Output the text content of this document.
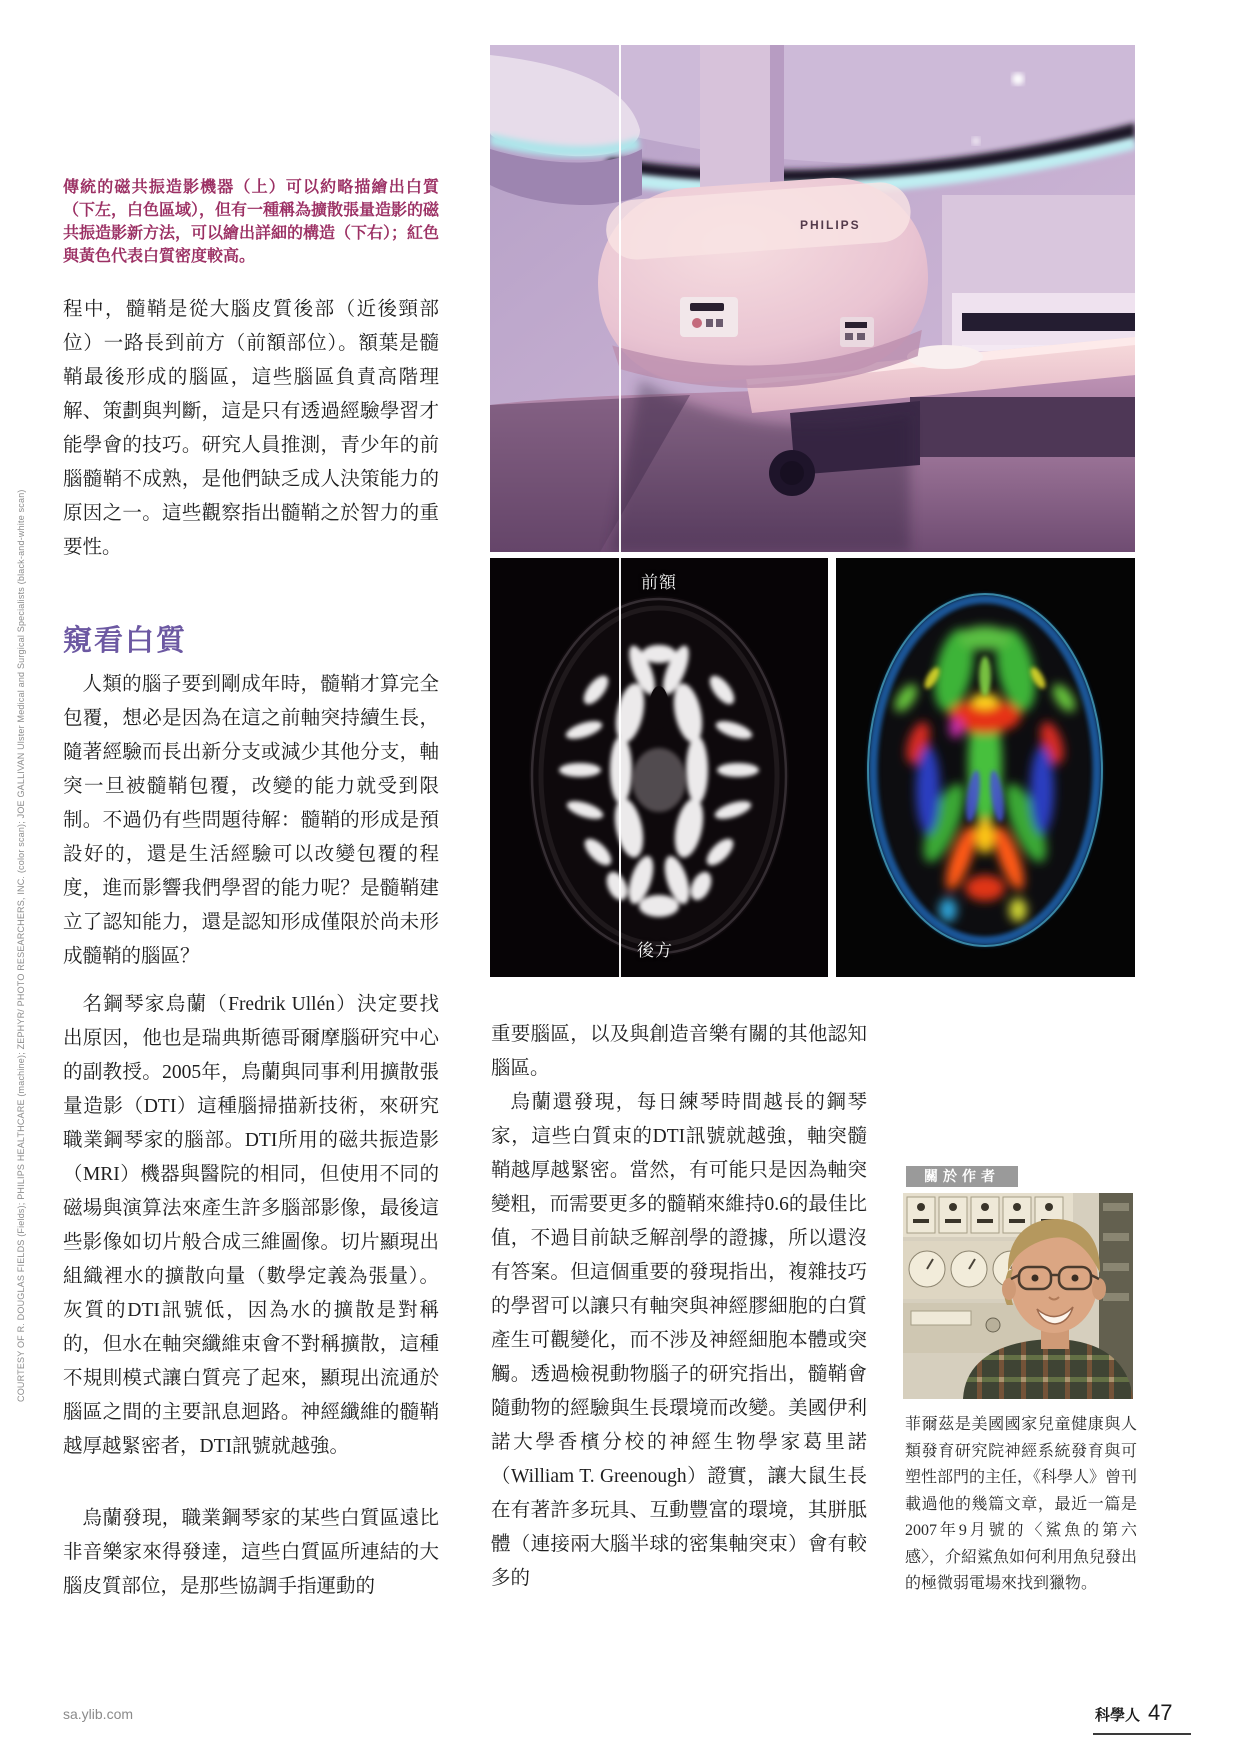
COURTESY OF R. DOUGLAS FIELDS (Fields); PHILIPS HEALTHCARE (machine); ZEPHYR/ PHOTO RESEARCHERS, INC. (color scan); JOE GALLIVAN Ulster Medical and Surgical Specialists (black-and-white scan)
傳統的磁共振造影機器（上）可以約略描繪出白質（下左，白色區域），但有一種稱為擴散張量造影的磁共振造影新方法，可以繪出詳細的構造（下右）；紅色與黃色代表白質密度較高。
程中，髓鞘是從大腦皮質後部（近後頸部位）一路長到前方（前額部位）。額葉是髓鞘最後形成的腦區，這些腦區負責高階理解、策劃與判斷，這是只有透過經驗學習才能學會的技巧。研究人員推測，青少年的前腦髓鞘不成熟，是他們缺乏成人決策能力的原因之一。這些觀察指出髓鞘之於智力的重要性。
窺看白質
人類的腦子要到剛成年時，髓鞘才算完全包覆，想必是因為在這之前軸突持續生長，隨著經驗而長出新分支或減少其他分支，軸突一旦被髓鞘包覆，改變的能力就受到限制。不過仍有些問題待解：髓鞘的形成是預設好的，還是生活經驗可以改變包覆的程度，進而影響我們學習的能力呢？是髓鞘建立了認知能力，還是認知形成僅限於尚未形成髓鞘的腦區？
名鋼琴家烏蘭（Fredrik Ullén）決定要找出原因，他也是瑞典斯德哥爾摩腦研究中心的副教授。2005年，烏蘭與同事利用擴散張量造影（DTI）這種腦掃描新技術，來研究職業鋼琴家的腦部。DTI所用的磁共振造影（MRI）機器與醫院的相同，但使用不同的磁場與演算法來產生許多腦部影像，最後這些影像如切片般合成三維圖像。切片顯現出組織裡水的擴散向量（數學定義為張量）。灰質的DTI訊號低，因為水的擴散是對稱的，但水在軸突纖維束會不對稱擴散，這種不規則模式讓白質亮了起來，顯現出流通於腦區之間的主要訊息迴路。神經纖維的髓鞘越厚越緊密者，DTI訊號就越強。
烏蘭發現，職業鋼琴家的某些白質區遠比非音樂家來得發達，這些白質區所連結的大腦皮質部位，是那些協調手指運動的
重要腦區，以及與創造音樂有關的其他認知腦區。
烏蘭還發現，每日練琴時間越長的鋼琴家，這些白質束的DTI訊號就越強，軸突髓鞘越厚越緊密。當然，有可能只是因為軸突變粗，而需要更多的髓鞘來維持0.6的最佳比值，不過目前缺乏解剖學的證據，所以還沒有答案。但這個重要的發現指出，複雜技巧的學習可以讓只有軸突與神經膠細胞的白質產生可觀變化，而不涉及神經細胞本體或突觸。透過檢視動物腦子的研究指出，髓鞘會隨動物的經驗與生長環境而改變。美國伊利諾大學香檳分校的神經生物學家葛里諾（William T. Greenough）證實，讓大鼠生長在有著許多玩具、互動豐富的環境，其胼胝體（連接兩大腦半球的密集軸突束）會有較多的
PHILIPS
前額
後方
關於作者
菲爾茲是美國國家兒童健康與人類發育研究院神經系統發育與可塑性部門的主任，《科學人》曾刊載過他的幾篇文章，最近一篇是2007年9月號的〈鯊魚的第六感〉，介紹鯊魚如何利用魚兒發出的極微弱電場來找到獵物。
sa.ylib.com	科學人 47
